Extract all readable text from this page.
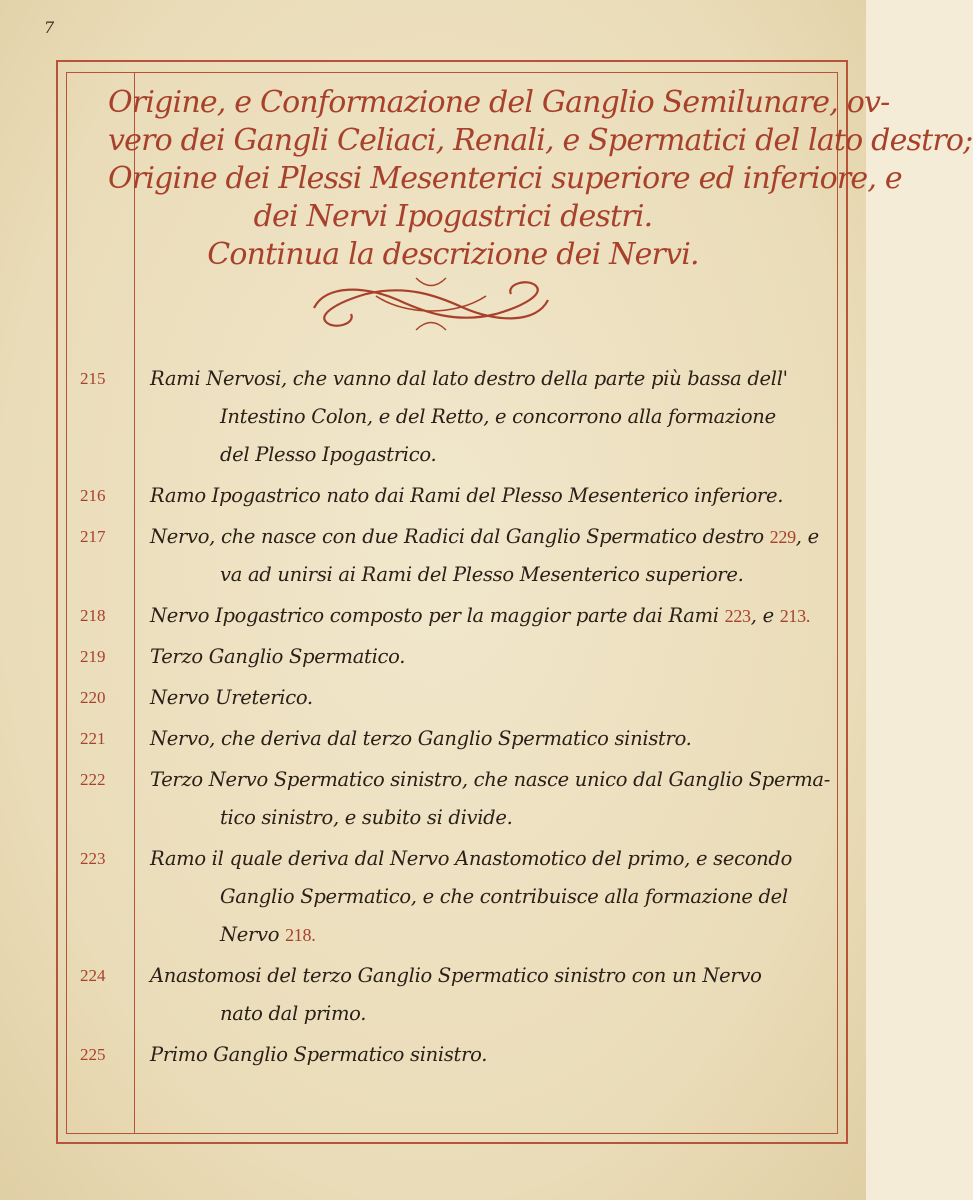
7
Origine, e Conformazione del Ganglio Semilunare, ov-
vero dei Gangli Celiaci, Renali, e Spermatici del lato destro;
Origine dei Plessi Mesenterici superiore ed inferiore, e
dei Nervi Ipogastrici destri.
Continua la descrizione dei Nervi.
215	Rami Nervosi, che vanno dal lato destro della parte più bassa dell'
Intestino Colon, e del Retto, e concorrono alla formazione
del Plesso Ipogastrico.
216	Ramo Ipogastrico nato dai Rami del Plesso Mesenterico inferiore.
217	Nervo, che nasce con due Radici dal Ganglio Spermatico destro 229, e
va ad unirsi ai Rami del Plesso Mesenterico superiore.
218	Nervo Ipogastrico composto per la maggior parte dai Rami 223, e 213.
219	Terzo Ganglio Spermatico.
220	Nervo Ureterico.
221	Nervo, che deriva dal terzo Ganglio Spermatico sinistro.
222	Terzo Nervo Spermatico sinistro, che nasce unico dal Ganglio Sperma-
tico sinistro, e subito si divide.
223	Ramo il quale deriva dal Nervo Anastomotico del primo, e secondo
Ganglio Spermatico, e che contribuisce alla formazione del
Nervo 218.
224	Anastomosi del terzo Ganglio Spermatico sinistro con un Nervo
nato dal primo.
225	Primo Ganglio Spermatico sinistro.
